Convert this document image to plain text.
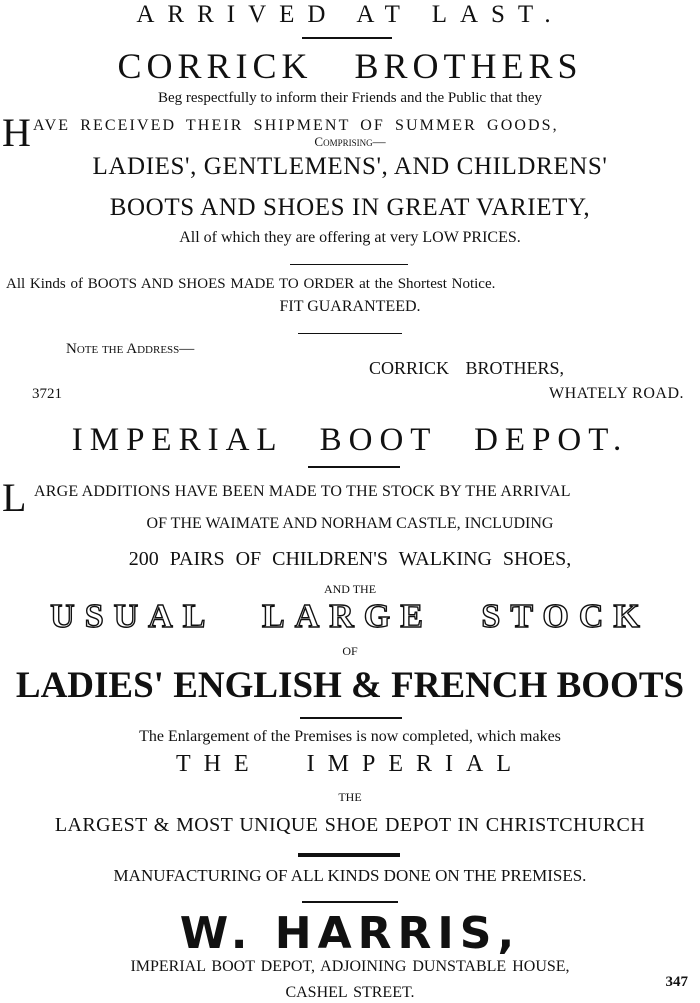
ARRIVED AT LAST.

CORRICK BROTHERS

Beg respectfully to inform their Friends and the Public that they

H AVE RECEIVED THEIR SHIPMENT OF SUMMER GOODS,

Comprising—

LADIES', GENTLEMENS', AND CHILDRENS'

BOOTS AND SHOES IN GREAT VARIETY,

All of which they are offering at very LOW PRICES.

All Kinds of BOOTS AND SHOES MADE TO ORDER at the Shortest Notice.

FIT GUARANTEED.

Note the Address—

CORRICK BROTHERS,

3721	WHATELY ROAD.

IMPERIAL BOOT DEPOT.

L ARGE ADDITIONS HAVE BEEN MADE TO THE STOCK BY THE ARRIVAL

OF THE WAIMATE AND NORHAM CASTLE, INCLUDING

200 PAIRS OF CHILDREN'S WALKING SHOES,

AND THE

USUAL LARGE STOCK

OF

LADIES' ENGLISH & FRENCH BOOTS

The Enlargement of the Premises is now completed, which makes

THE IMPERIAL

THE

LARGEST & MOST UNIQUE SHOE DEPOT IN CHRISTCHURCH

MANUFACTURING OF ALL KINDS DONE ON THE PREMISES.

W. HARRIS,

IMPERIAL BOOT DEPOT, ADJOINING DUNSTABLE HOUSE,

CASHEL STREET.

347
